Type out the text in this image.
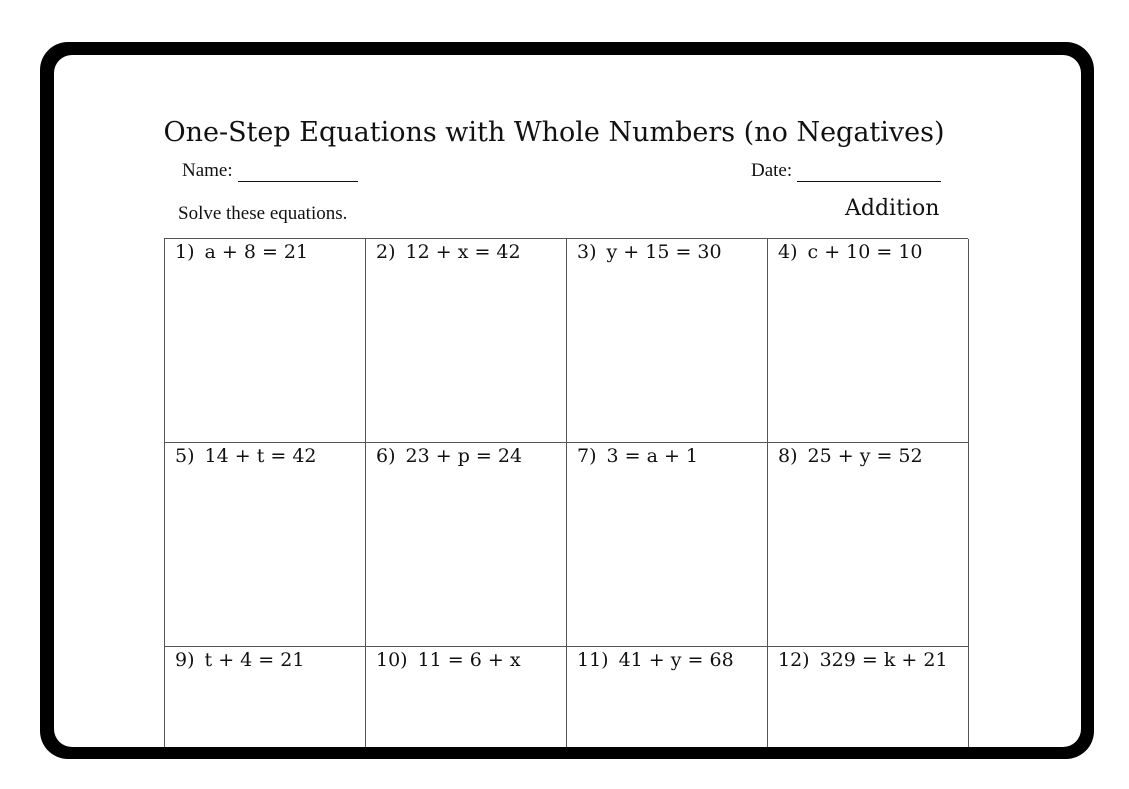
One-Step Equations with Whole Numbers (no Negatives)
Name:	Date:
Solve these equations.	Addition
1) a + 8 = 21	2) 12 + x = 42	3) y + 15 = 30	4) c + 10 = 10
5) 14 + t = 42	6) 23 + p = 24	7) 3 = a + 1	8) 25 + y = 52
9) t + 4 = 21	10) 11 = 6 + x	11) 41 + y = 68	12) 329 = k + 21
